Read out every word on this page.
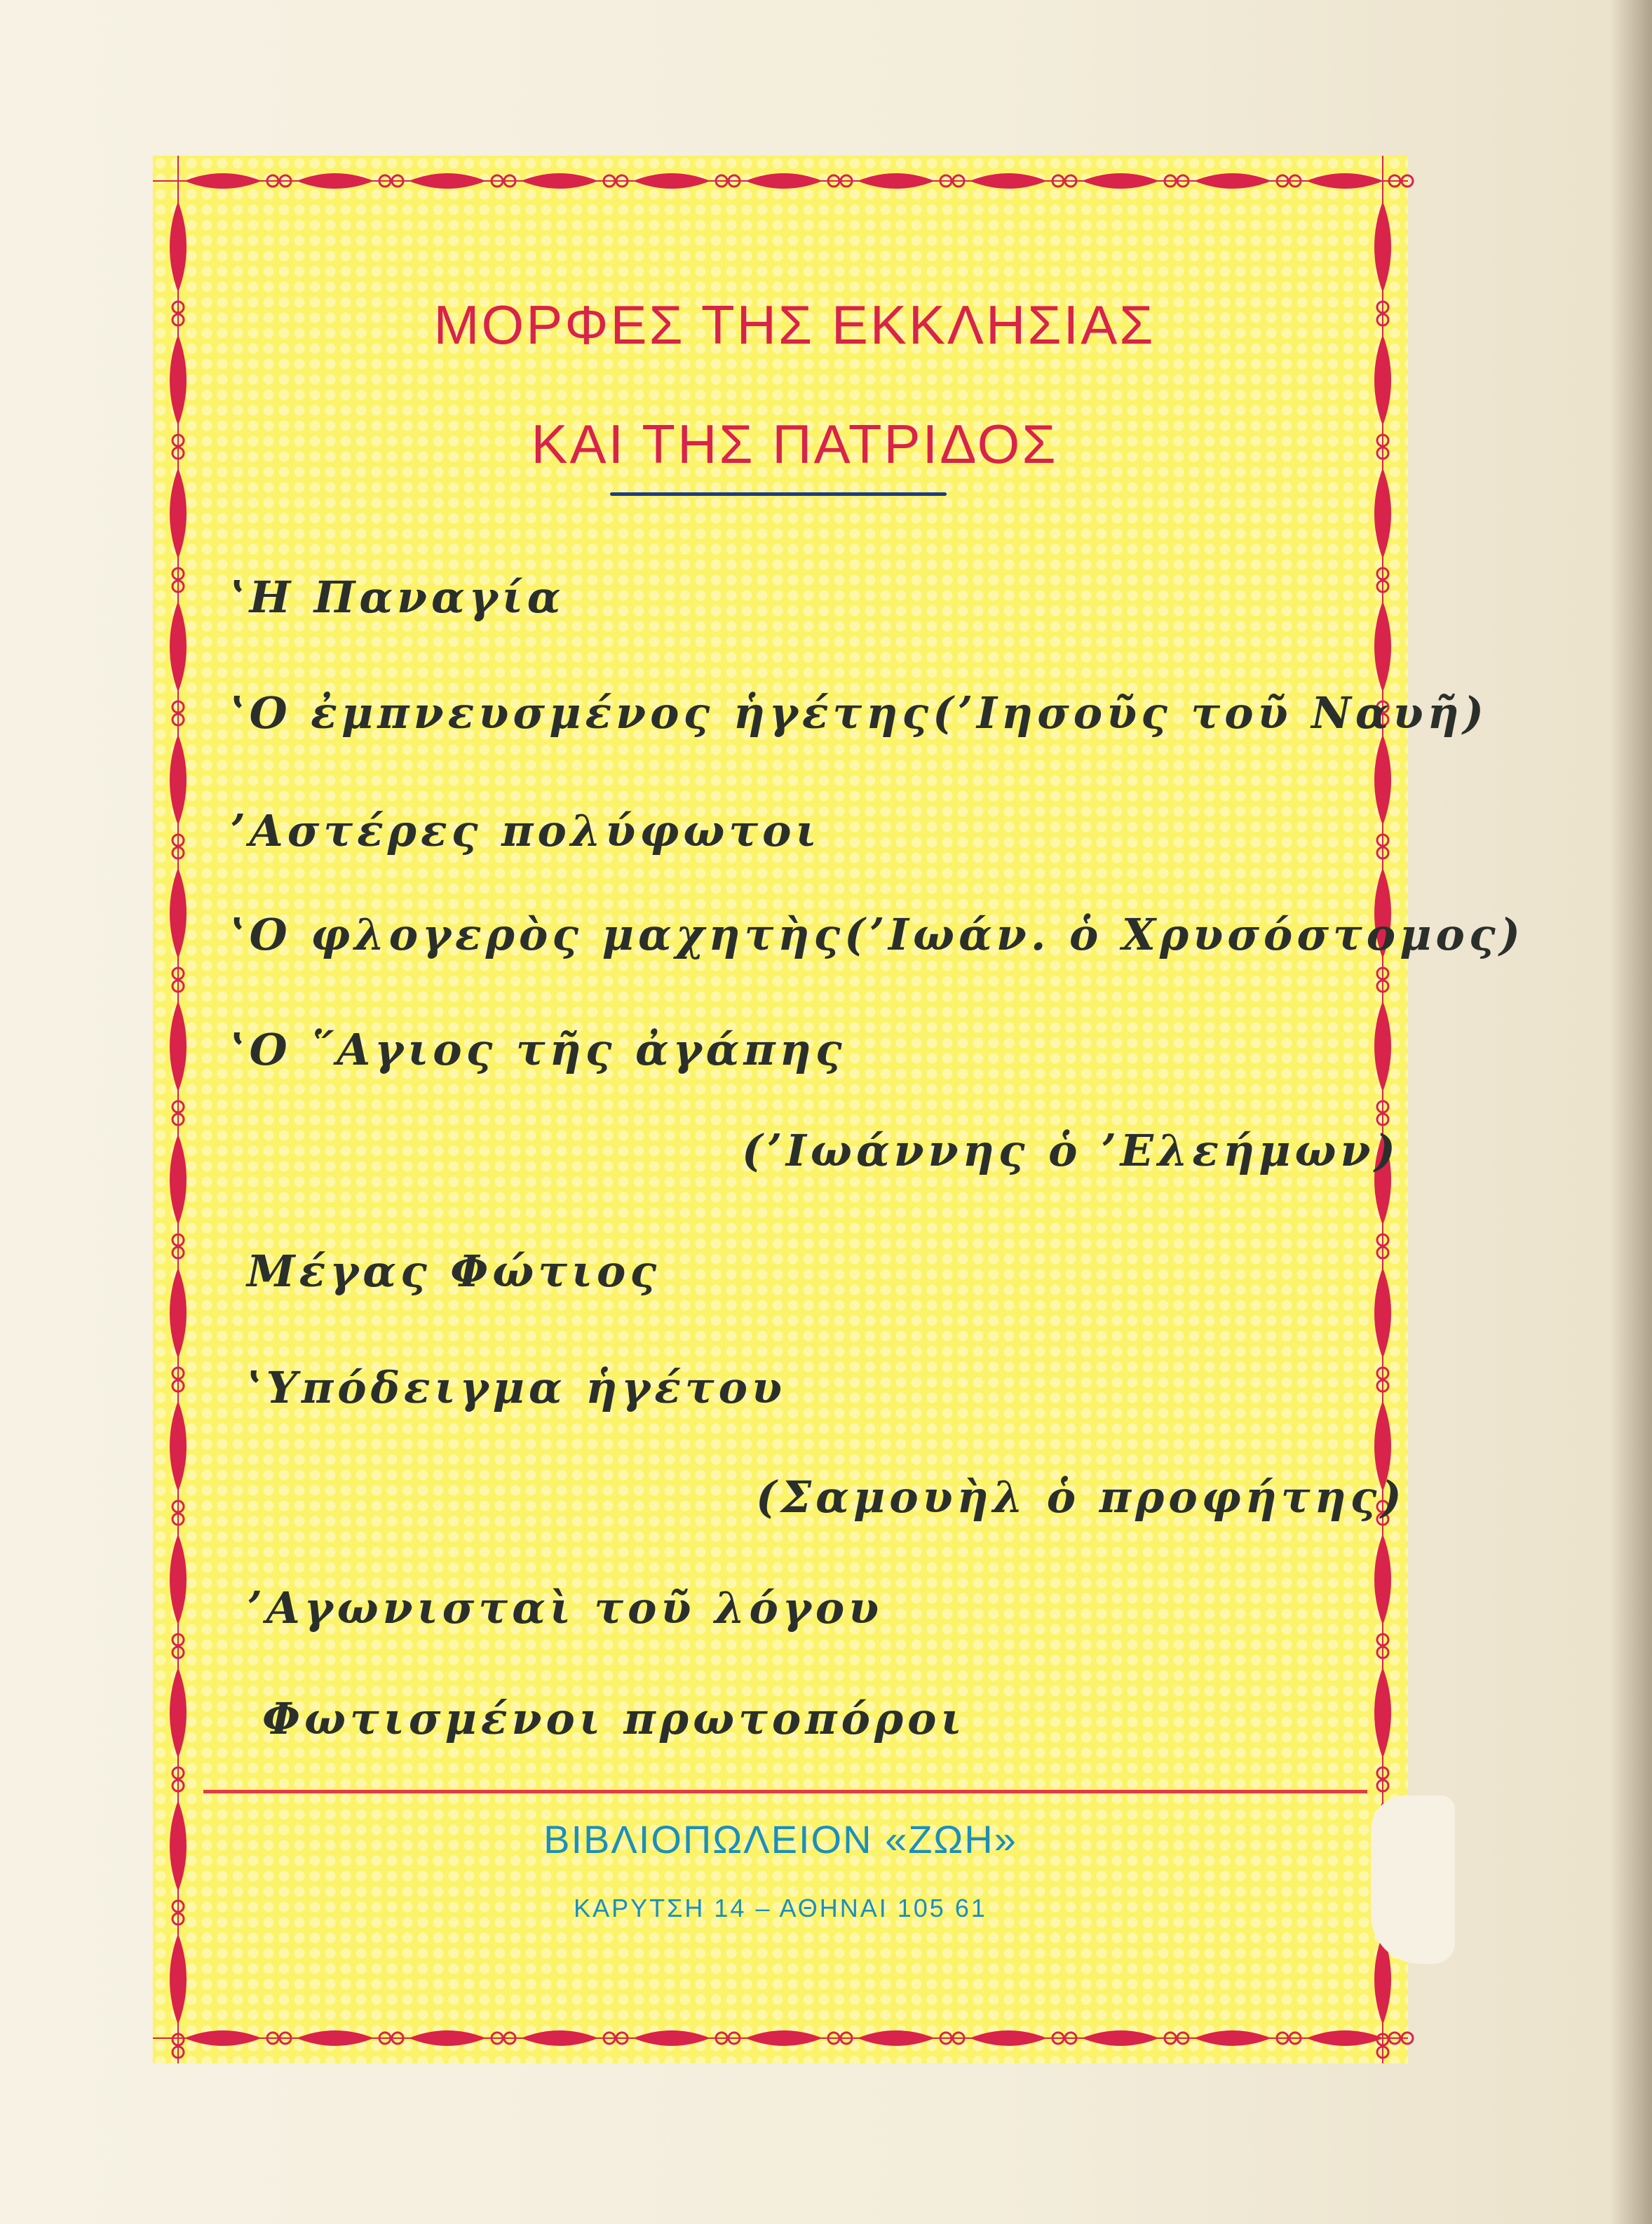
ΜΟΡΦΕΣ ΤΗΣ ΕΚΚΛΗΣΙΑΣ
ΚΑΙ ΤΗΣ ΠΑΤΡΙΔΟΣ
ʽΗ Παναγία
ʽΟ ἐμπνευσμένος ἡγέτης(ʼΙησοῦς τοῦ Ναυῆ)
ʼΑστέρες πολύφωτοι
ʽΟ φλογερὸς μαχητὴς(ʼΙωάν. ὁ Χρυσόστομος)
ʽΟ ῞Αγιος τῆς ἀγάπης
(ʼΙωάννης ὁ ʼΕλεήμων)
Μέγας Φώτιος
ʽΥπόδειγμα ἡγέτου
(Σαμουὴλ ὁ προφήτης)
ʼΑγωνισταὶ τοῦ λόγου
Φωτισμένοι πρωτοπόροι
ΒΙΒΛΙΟΠΩΛΕΙΟΝ «ΖΩΗ»
ΚΑΡΥΤΣΗ 14 – ΑΘΗΝΑΙ 105 61
